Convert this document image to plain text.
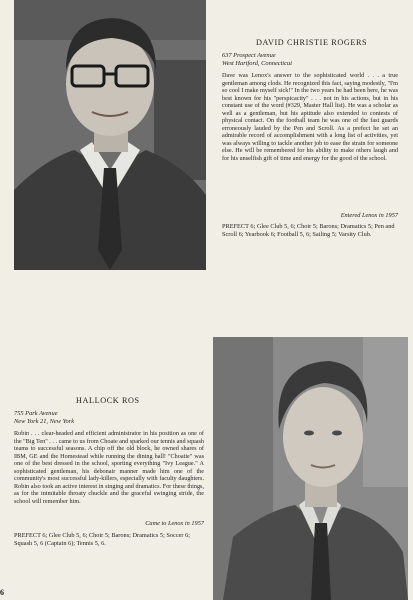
DAVID CHRISTIE ROGERS
637 Prospect Avenue
West Hartford, Connecticut
Dave was Lenox's answer to the sophisticated world . . . a true gentleman among clods. He recognized this fact, saying modestly, "I'm so cool I make myself sick!" In the two years he had been here, he was best known for his "perspicacity" . . . not in his actions, but in his constant use of the word (#329, Master Hall list). He was a scholar as well as a gentleman, but his aptitude also extended to contests of physical contact. On the football team he was one of the fast guards erroneously lauded by the Pen and Scroll. As a prefect he set an admirable record of accomplishment with a long list of activities, yet was always willing to tackle another job to ease the strain for someone else. He will be remembered for his ability to make others laugh and for his unselfish gift of time and energy for the good of the school.
Entered Lenox in 1957
PREFECT 6; Glee Club 5, 6; Choir 5; Barons; Dramatics 5; Pen and Scroll 6; Yearbook 6; Football 5, 6; Sailing 5; Varsity Club.
HALLOCK ROS
755 Park Avenue
New York 21, New York
Robin . . . clear-headed and efficient administrator in his position as one of the "Big Ten" . . . came to us from Choate and sparked our tennis and squash teams to successful seasons. A chip off the old block, he owned shares of IBM, GE and the Homestead while running the dining hall! "Choatie" was one of the best dressed in the school, sporting everything "Ivy League." A sophisticated gentleman, his debonair manner made him one of the community's most successful lady-killers, especially with faculty daughters. Robin also took an active interest in singing and dramatics. For these things, as for the inimitable throaty chuckle and the graceful swinging stride, the school will remember him.
Came to Lenox in 1957
PREFECT 6; Glee Club 5, 6; Choir 5; Barons; Dramatics 5; Soccer 6; Squash 5, 6 (Captain 6); Tennis 5, 6.
6
